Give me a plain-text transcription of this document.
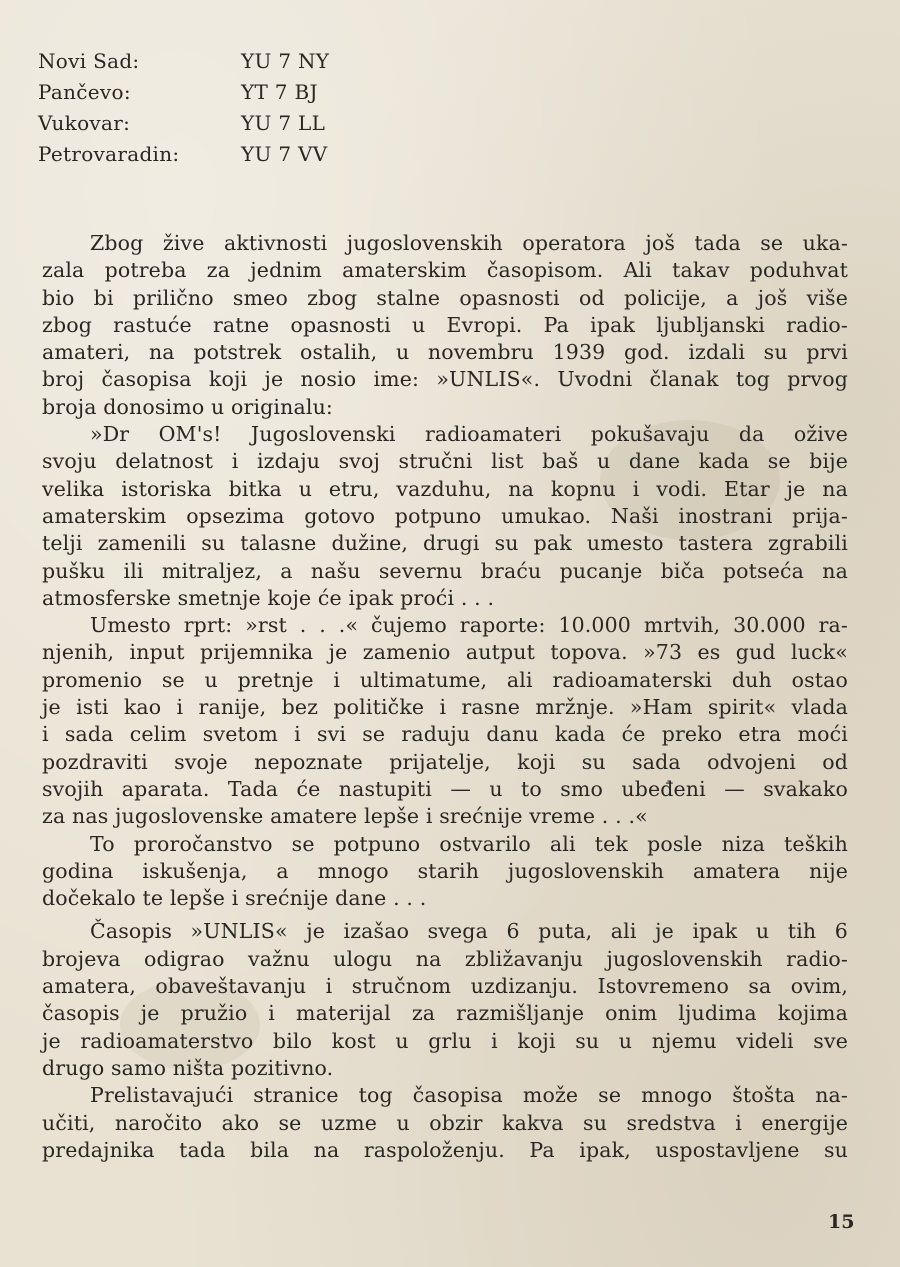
Novi Sad:	YU 7 NY
Pančevo:	YT 7 BJ
Vukovar:	YU 7 LL
Petrovaradin:	YU 7 VV
Zbog žive aktivnosti jugoslovenskih operatora još tada se uka-
zala potreba za jednim amaterskim časopisom. Ali takav poduhvat
bio bi prilično smeo zbog stalne opasnosti od policije, a još više
zbog rastuće ratne opasnosti u Evropi. Pa ipak ljubljanski radio-
amateri, na potstrek ostalih, u novembru 1939 god. izdali su prvi
broj časopisa koji je nosio ime: »UNLIS«. Uvodni članak tog prvog
broja donosimo u originalu:
»Dr OM's! Jugoslovenski radioamateri pokušavaju da ožive
svoju delatnost i izdaju svoj stručni list baš u dane kada se bije
velika istoriska bitka u etru, vazduhu, na kopnu i vodi. Etar je na
amaterskim opsezima gotovo potpuno umukao. Naši inostrani prija-
telji zamenili su talasne dužine, drugi su pak umesto tastera zgrabili
pušku ili mitraljez, a našu severnu braću pucanje biča potseća na
atmosferske smetnje koje će ipak proći . . .
Umesto rprt: »rst . . .« čujemo raporte: 10.000 mrtvih, 30.000 ra-
njenih, input prijemnika je zamenio autput topova. »73 es gud luck«
promenio se u pretnje i ultimatume, ali radioamaterski duh ostao
je isti kao i ranije, bez političke i rasne mržnje. »Ham spirit« vlada
i sada celim svetom i svi se raduju danu kada će preko etra moći
pozdraviti svoje nepoznate prijatelje, koji su sada odvojeni od
svojih aparata. Tada će nastupiti — u to smo ubeđeni — svakako
za nas jugoslovenske amatere lepše i srećnije vreme . . .«
To proročanstvo se potpuno ostvarilo ali tek posle niza teških
godina iskušenja, a mnogo starih jugoslovenskih amatera nije
dočekalo te lepše i srećnije dane . . .
Časopis »UNLIS« je izašao svega 6 puta, ali je ipak u tih 6
brojeva odigrao važnu ulogu na zbližavanju jugoslovenskih radio-
amatera, obaveštavanju i stručnom uzdizanju. Istovremeno sa ovim,
časopis je pružio i materijal za razmišljanje onim ljudima kojima
je radioamaterstvo bilo kost u grlu i koji su u njemu videli sve
drugo samo ništa pozitivno.
Prelistavajući stranice tog časopisa može se mnogo štošta na-
učiti, naročito ako se uzme u obzir kakva su sredstva i energije
predajnika tada bila na raspoloženju. Pa ipak, uspostavljene su
15
